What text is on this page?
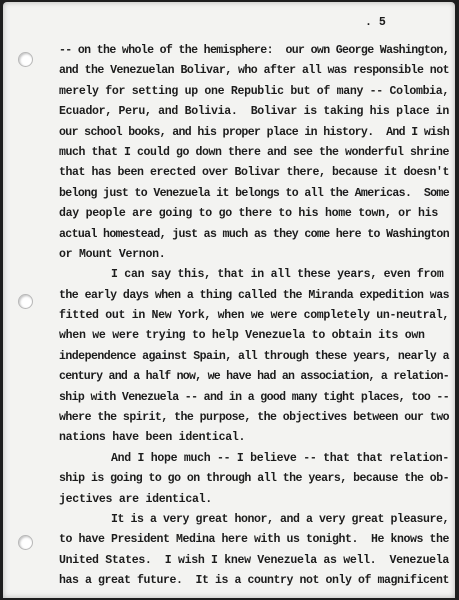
. 5
-- on the whole of the hemisphere:  our own George Washington,
and the Venezuelan Bolivar, who after all was responsible not
merely for setting up one Republic but of many -- Colombia,
Ecuador, Peru, and Bolivia.  Bolivar is taking his place in
our school books, and his proper place in history.  And I wish
much that I could go down there and see the wonderful shrine
that has been erected over Bolivar there, because it doesn't
belong just to Venezuela it belongs to all the Americas.  Some
day people are going to go there to his home town, or his
actual homestead, just as much as they come here to Washington
or Mount Vernon.
I can say this, that in all these years, even from
the early days when a thing called the Miranda expedition was
fitted out in New York, when we were completely un-neutral,
when we were trying to help Venezuela to obtain its own
independence against Spain, all through these years, nearly a
century and a half now, we have had an association, a relation-
ship with Venezuela -- and in a good many tight places, too --
where the spirit, the purpose, the objectives between our two
nations have been identical.
And I hope much -- I believe -- that that relation-
ship is going to go on through all the years, because the ob-
jectives are identical.
It is a very great honor, and a very great pleasure,
to have President Medina here with us tonight.  He knows the
United States.  I wish I knew Venezuela as well.  Venezuela
has a great future.  It is a country not only of magnificent
